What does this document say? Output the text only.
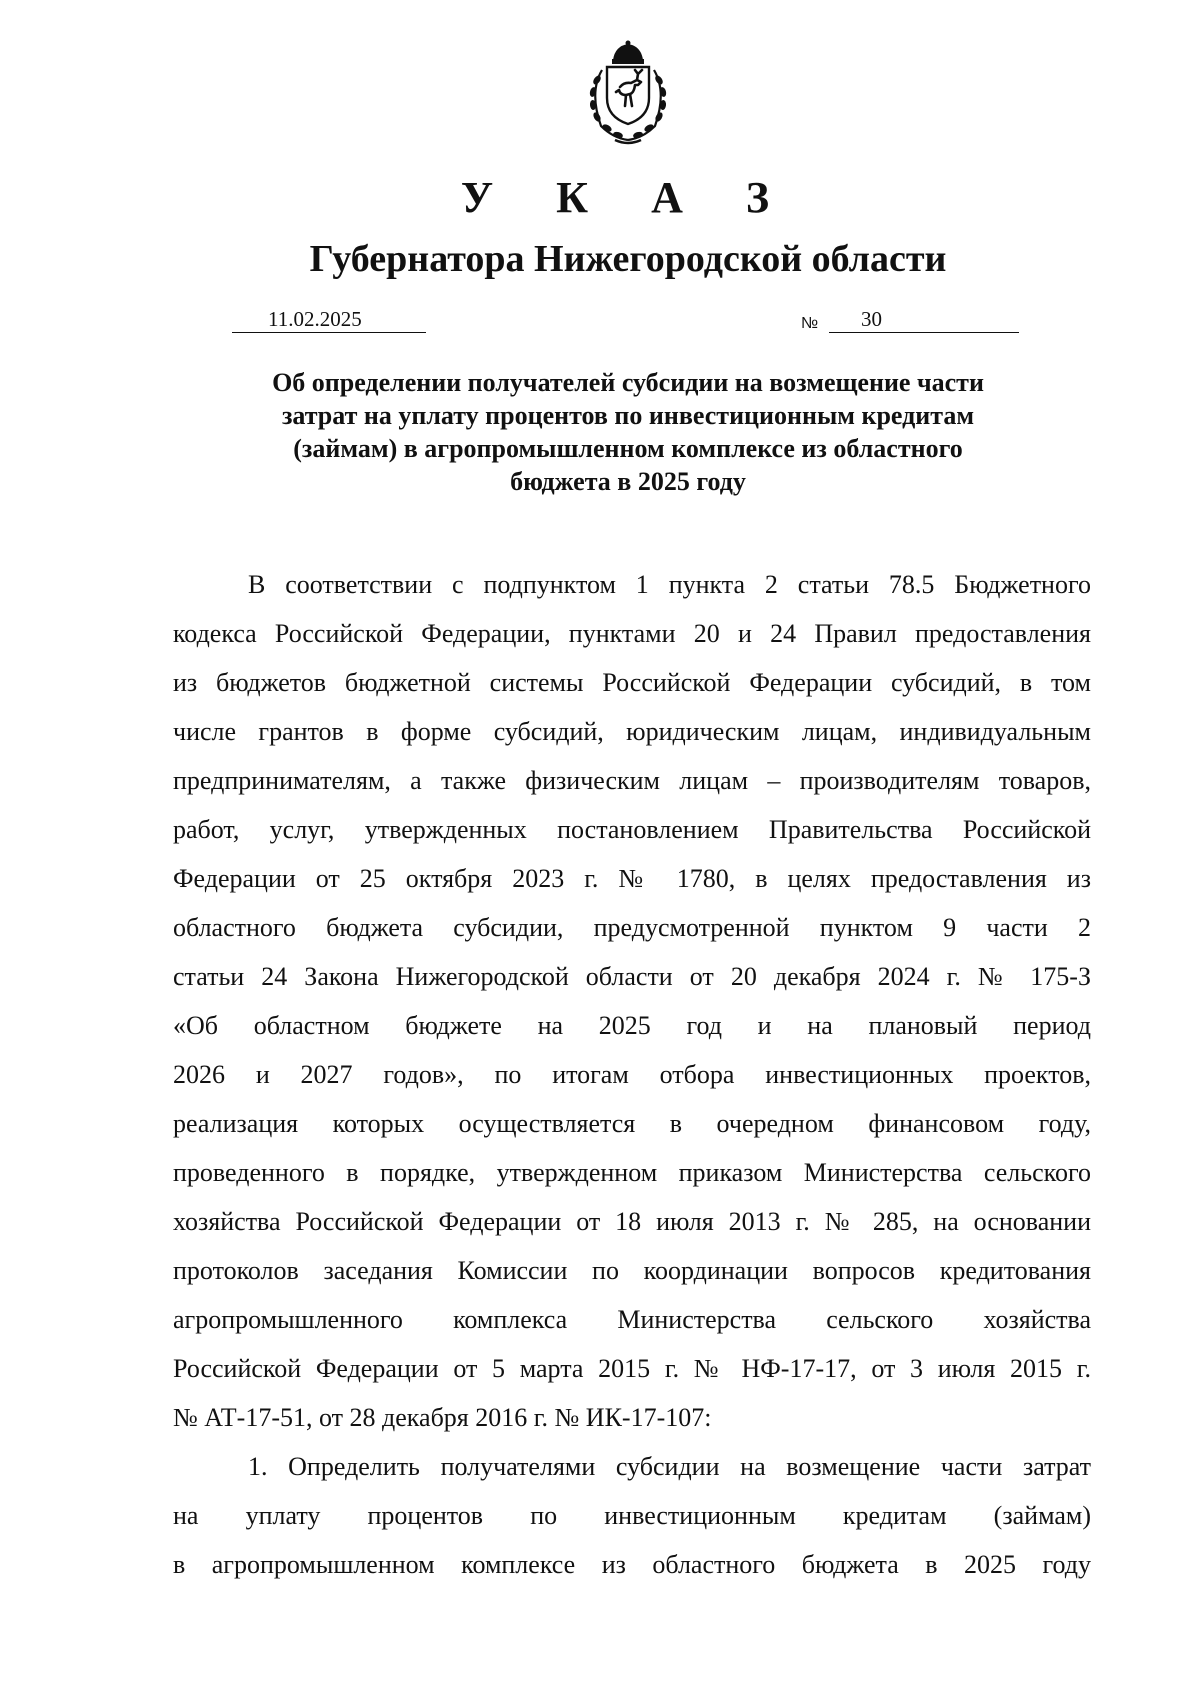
У К А З
Губернатора Нижегородской области
11.02.2025	№	30
Об определении получателей субсидии на возмещение части
затрат на уплату процентов по инвестиционным кредитам
(займам) в агропромышленном комплексе из областного
бюджета в 2025 году
В соответствии с подпунктом 1 пункта 2 статьи 78.5 Бюджетного
кодекса Российской Федерации, пунктами 20 и 24 Правил предоставления
из бюджетов бюджетной системы Российской Федерации субсидий, в том
числе грантов в форме субсидий, юридическим лицам, индивидуальным
предпринимателям, а также физическим лицам – производителям товаров,
работ, услуг, утвержденных постановлением Правительства Российской
Федерации от 25 октября 2023 г. № 1780, в целях предоставления из
областного бюджета субсидии, предусмотренной пунктом 9 части 2
статьи 24 Закона Нижегородской области от 20 декабря 2024 г. № 175-З
«Об областном бюджете на 2025 год и на плановый период
2026 и 2027 годов», по итогам отбора инвестиционных проектов,
реализация которых осуществляется в очередном финансовом году,
проведенного в порядке, утвержденном приказом Министерства сельского
хозяйства Российской Федерации от 18 июля 2013 г. № 285, на основании
протоколов заседания Комиссии по координации вопросов кредитования
агропромышленного комплекса Министерства сельского хозяйства
Российской Федерации от 5 марта 2015 г. № НФ-17-17, от 3 июля 2015 г.
№ АТ-17-51, от 28 декабря 2016 г. № ИК-17-107:
1. Определить получателями субсидии на возмещение части затрат
на уплату процентов по инвестиционным кредитам (займам)
в агропромышленном комплексе из областного бюджета в 2025 году
